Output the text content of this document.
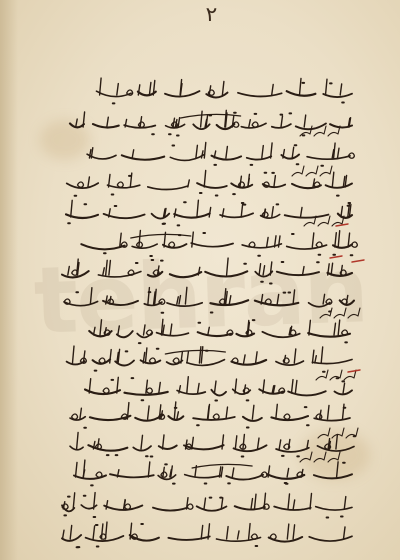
۲
tehran
